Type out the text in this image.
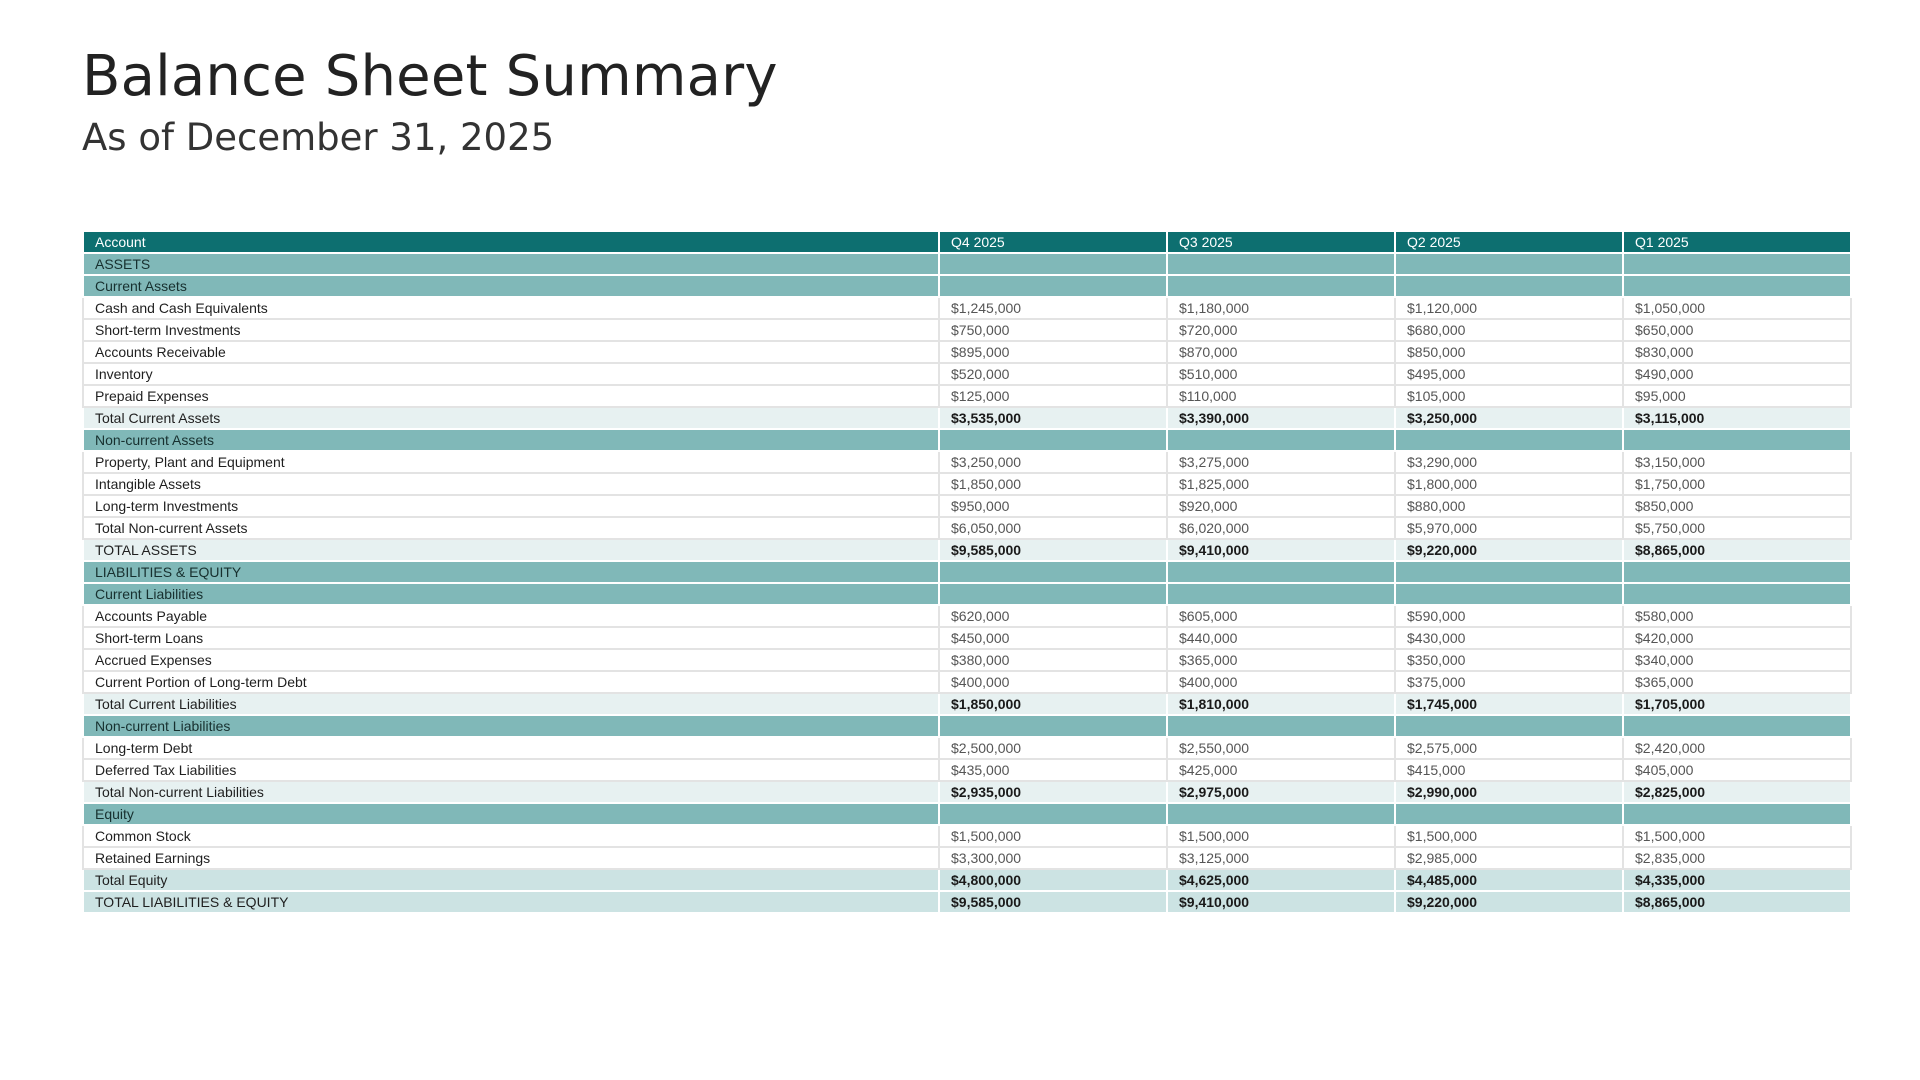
Balance Sheet Summary
As of December 31, 2025
Account	Q4 2025	Q3 2025	Q2 2025	Q1 2025
ASSETS				
Current Assets				
Cash and Cash Equivalents	$1,245,000	$1,180,000	$1,120,000	$1,050,000
Short-term Investments	$750,000	$720,000	$680,000	$650,000
Accounts Receivable	$895,000	$870,000	$850,000	$830,000
Inventory	$520,000	$510,000	$495,000	$490,000
Prepaid Expenses	$125,000	$110,000	$105,000	$95,000
Total Current Assets	$3,535,000	$3,390,000	$3,250,000	$3,115,000
Non-current Assets				
Property, Plant and Equipment	$3,250,000	$3,275,000	$3,290,000	$3,150,000
Intangible Assets	$1,850,000	$1,825,000	$1,800,000	$1,750,000
Long-term Investments	$950,000	$920,000	$880,000	$850,000
Total Non-current Assets	$6,050,000	$6,020,000	$5,970,000	$5,750,000
TOTAL ASSETS	$9,585,000	$9,410,000	$9,220,000	$8,865,000
LIABILITIES & EQUITY				
Current Liabilities				
Accounts Payable	$620,000	$605,000	$590,000	$580,000
Short-term Loans	$450,000	$440,000	$430,000	$420,000
Accrued Expenses	$380,000	$365,000	$350,000	$340,000
Current Portion of Long-term Debt	$400,000	$400,000	$375,000	$365,000
Total Current Liabilities	$1,850,000	$1,810,000	$1,745,000	$1,705,000
Non-current Liabilities				
Long-term Debt	$2,500,000	$2,550,000	$2,575,000	$2,420,000
Deferred Tax Liabilities	$435,000	$425,000	$415,000	$405,000
Total Non-current Liabilities	$2,935,000	$2,975,000	$2,990,000	$2,825,000
Equity				
Common Stock	$1,500,000	$1,500,000	$1,500,000	$1,500,000
Retained Earnings	$3,300,000	$3,125,000	$2,985,000	$2,835,000
Total Equity	$4,800,000	$4,625,000	$4,485,000	$4,335,000
TOTAL LIABILITIES & EQUITY	$9,585,000	$9,410,000	$9,220,000	$8,865,000
